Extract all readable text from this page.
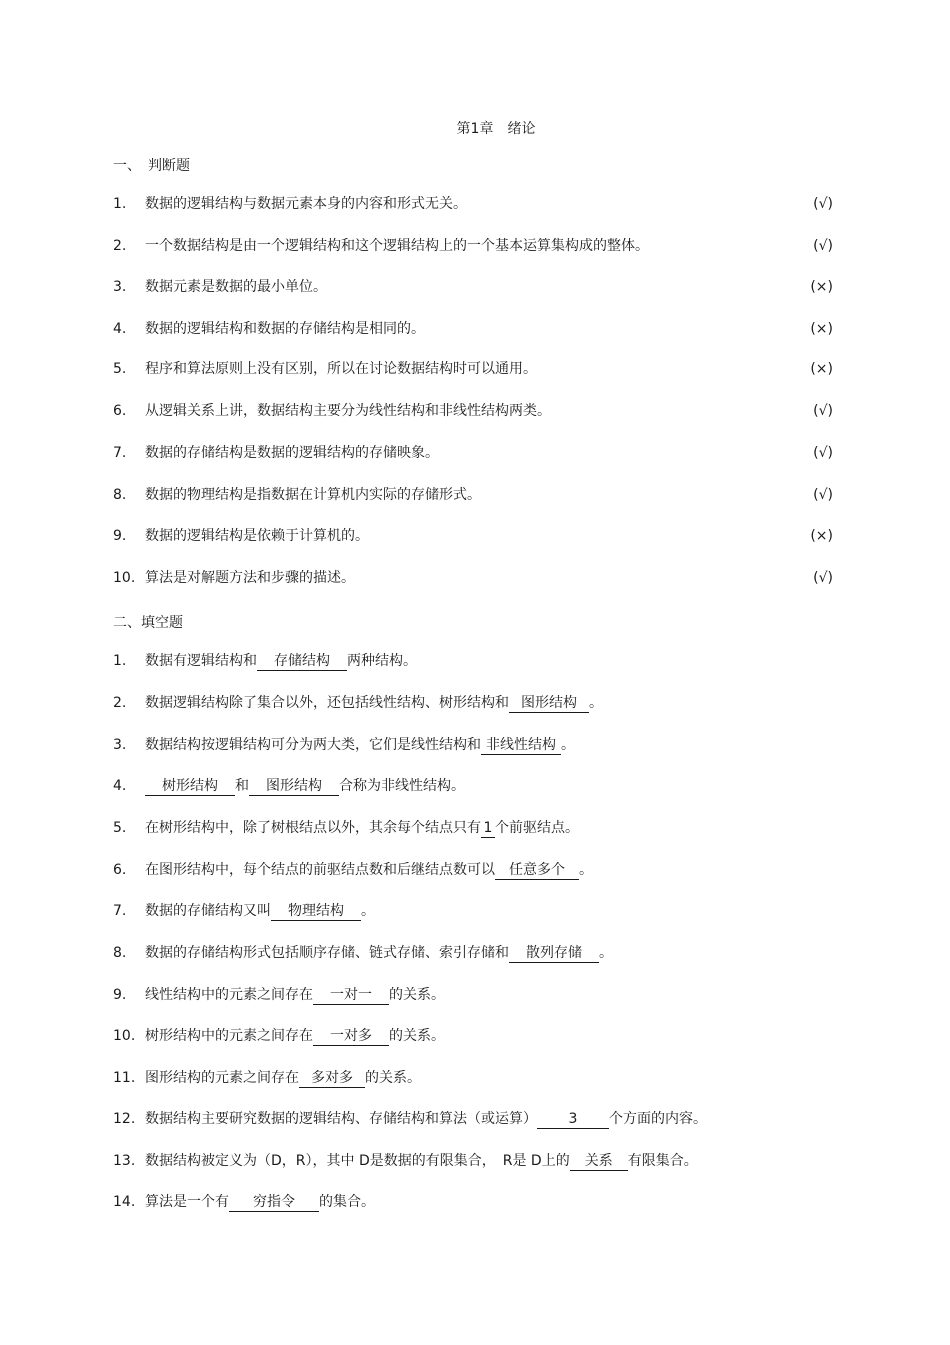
第1章　绪论
一、　判断题
1.	数据的逻辑结构与数据元素本身的内容和形式无关。	(√)
2.	一个数据结构是由一个逻辑结构和这个逻辑结构上的一个基本运算集构成的整体。	(√)
3.	数据元素是数据的最小单位。	(×)
4.	数据的逻辑结构和数据的存储结构是相同的。	(×)
5.	程序和算法原则上没有区别，所以在讨论数据结构时可以通用。	(×)
6.	从逻辑关系上讲，数据结构主要分为线性结构和非线性结构两类。	(√)
7.	数据的存储结构是数据的逻辑结构的存储映象。	(√)
8.	数据的物理结构是指数据在计算机内实际的存储形式。	(√)
9.	数据的逻辑结构是依赖于计算机的。	(×)
10. 算法是对解题方法和步骤的描述。	(√)
二、填空题
1.	数据有逻辑结构和 存储结构 两种结构。
2.	数据逻辑结构除了集合以外，还包括线性结构、树形结构和 图形结构 。
3.	数据结构按逻辑结构可分为两大类，它们是线性结构和 非线性结构 。
4.	树形结构 和 图形结构 合称为非线性结构。
5.	在树形结构中，除了树根结点以外，其余每个结点只有 1 个前驱结点。
6.	在图形结构中，每个结点的前驱结点数和后继结点数可以 任意多个 。
7.	数据的存储结构又叫 物理结构 。
8.	数据的存储结构形式包括顺序存储、链式存储、索引存储和 散列存储 。
9.	线性结构中的元素之间存在 一对一 的关系。
10. 树形结构中的元素之间存在 一对多 的关系。
11. 图形结构的元素之间存在 多对多 的关系。
12. 数据结构主要研究数据的逻辑结构、存储结构和算法（或运算） 3 个方面的内容。
13. 数据结构被定义为（D，R），其中 D是数据的有限集合，　R是 D上的 关系 有限集合。
14. 算法是一个有 穷指令 的集合。
